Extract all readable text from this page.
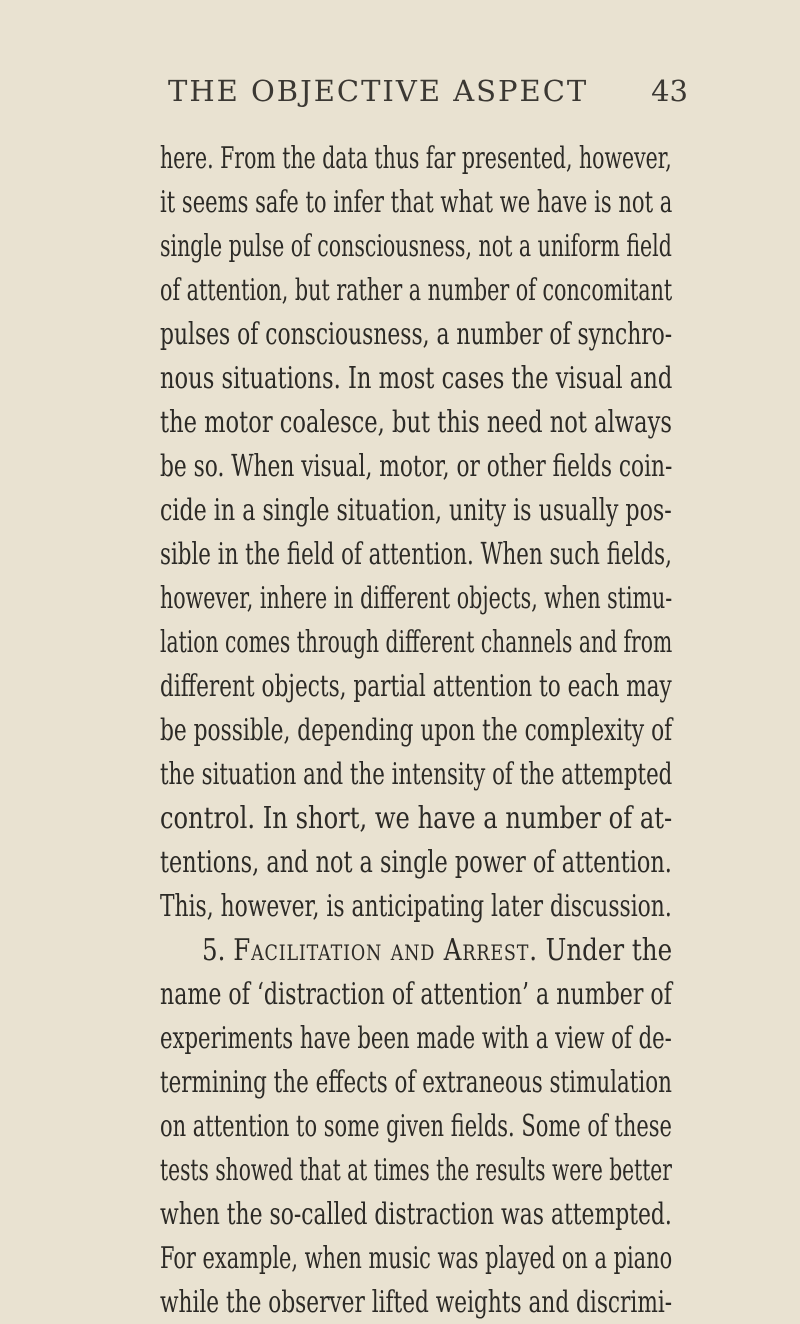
THE OBJECTIVE ASPECT 43
here. From the data thus far presented, however,
it seems safe to infer that what we have is not a
single pulse of consciousness, not a uniform field
of attention, but rather a number of concomitant
pulses of consciousness, a number of synchro-
nous situations. In most cases the visual and
the motor coalesce, but this need not always
be so. When visual, motor, or other fields coin-
cide in a single situation, unity is usually pos-
sible in the field of attention. When such fields,
however, inhere in different objects, when stimu-
lation comes through different channels and from
different objects, partial attention to each may
be possible, depending upon the complexity of
the situation and the intensity of the attempted
control. In short, we have a number of at-
tentions, and not a single power of attention.
This, however, is anticipating later discussion.
5. Facilitation and Arrest. Under the
name of ‘distraction of attention’ a number of
experiments have been made with a view of de-
termining the effects of extraneous stimulation
on attention to some given fields. Some of these
tests showed that at times the results were better
when the so-called distraction was attempted.
For example, when music was played on a piano
while the observer lifted weights and discrimi-
